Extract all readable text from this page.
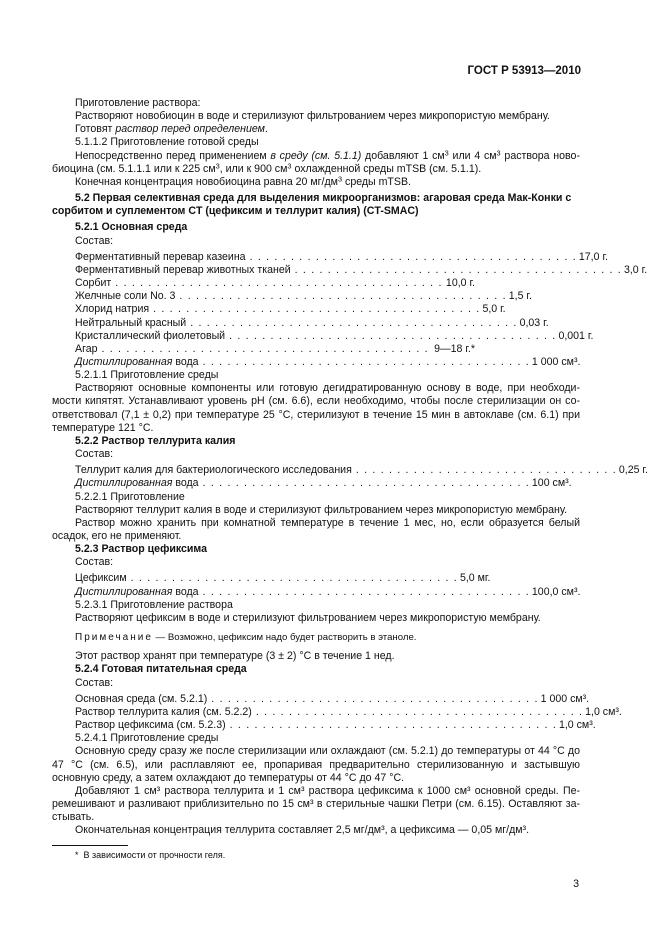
ГОСТ Р 53913—2010

Приготовление раствора:

Растворяют новобиоцин в воде и стерилизуют фильтрованием через микропористую мембрану.

Готовят раствор перед определением.

5.1.1.2 Приготовление готовой среды

Непосредственно перед применением в среду (см. 5.1.1) добавляют 1 $см^3$ или 4 $см^3$ раствора новобиоцина (см. 5.1.1.1 или к 225 $см^3$, или к 900 $см^3$ охлажденной среды mTSB (см. 5.1.1).

Конечная концентрация новобиоцина равна 20 $мг/дм^3$ среды mTSB.

5.2 Первая селективная среда для выделения микроорганизмов: агаровая среда Мак-Конки с сорбитом и суплементом CT (цефиксим и теллурит калия) (CT-SMAC)

5.2.1 Основная среда

Состав:

Ферментативный перевар казеина . . . . . . . . . . . . . . . . . . . . . . . . . . . . . . . . . . . . . . . . 17,0 г.
Ферментативный перевар животных тканей . . . . . . . . . . . . . . . . . . . . . . . . . . . . . . . . . . . . . . . . 3,0 г.
Сорбит . . . . . . . . . . . . . . . . . . . . . . . . . . . . . . . . . . . . . . . . 10,0 г.
Желчные соли No. 3 . . . . . . . . . . . . . . . . . . . . . . . . . . . . . . . . . . . . . . . . 1,5 г.
Хлорид натрия . . . . . . . . . . . . . . . . . . . . . . . . . . . . . . . . . . . . . . . . 5,0 г.
Нейтральный красный . . . . . . . . . . . . . . . . . . . . . . . . . . . . . . . . . . . . . . . . 0,03 г.
Кристаллический фиолетовый . . . . . . . . . . . . . . . . . . . . . . . . . . . . . . . . . . . . . . . . 0,001 г.
Агар . . . . . . . . . . . . . . . . . . . . . . . . . . . . . . . . . . . . . . . . 9—18 г.*
Дистиллированная вода . . . . . . . . . . . . . . . . . . . . . . . . . . . . . . . . . . . . . . . . 1 000 см³.

5.2.1.1 Приготовление среды

Растворяют основные компоненты или готовую дегидратированную основу в воде, при необходимости кипятят. Устанавливают уровень рН (см. 6.6), если необходимо, чтобы после стерилизации он соответствовал (7,1 ± 0,2) при температуре 25 °С, стерилизуют в течение 15 мин в автоклаве (см. 6.1) при температуре 121 °С.

5.2.2 Раствор теллурита калия

Состав:

Теллурит калия для бактериологического исследования . . . . . . . . . . . . . . . . . . . . . . . . . . . . . . . . 0,25 г.
Дистиллированная вода . . . . . . . . . . . . . . . . . . . . . . . . . . . . . . . . . . . . . . . . 100 см³.

5.2.2.1 Приготовление

Растворяют теллурит калия в воде и стерилизуют фильтрованием через микропористую мембрану.

Раствор можно хранить при комнатной температуре в течение 1 мес, но, если образуется белый осадок, его не применяют.

5.2.3 Раствор цефиксима

Состав:

Цефиксим . . . . . . . . . . . . . . . . . . . . . . . . . . . . . . . . . . . . . . . . 5,0 мг.
Дистиллированная вода . . . . . . . . . . . . . . . . . . . . . . . . . . . . . . . . . . . . . . . . 100,0 см³.

5.2.3.1 Приготовление раствора

Растворяют цефиксим в воде и стерилизуют фильтрованием через микропористую мембрану.

Примечание — Возможно, цефиксим надо будет растворить в этаноле.

Этот раствор хранят при температуре (3 ± 2) °С в течение 1 нед.

5.2.4 Готовая питательная среда

Состав:

Основная среда (см. 5.2.1) . . . . . . . . . . . . . . . . . . . . . . . . . . . . . . . . . . . . . . . . 1 000 см³.
Раствор теллурита калия (см. 5.2.2) . . . . . . . . . . . . . . . . . . . . . . . . . . . . . . . . . . . . . . . . 1,0 см³.
Раствор цефиксима (см. 5.2.3) . . . . . . . . . . . . . . . . . . . . . . . . . . . . . . . . . . . . . . . . 1,0 см³.

5.2.4.1 Приготовление среды

Основную среду сразу же после стерилизации или охлаждают (см. 5.2.1) до температуры от 44 °С до 47 °С (см. 6.5), или расплавляют ее, пропаривая предварительно стерилизованную и застывшую основную среду, а затем охлаждают до температуры от 44 °С до 47 °С.

Добавляют 1 см³ раствора теллурита и 1 см³ раствора цефиксима к 1000 см³ основной среды. Перемешивают и разливают приблизительно по 15 см³ в стерильные чашки Петри (см. 6.15). Оставляют застывать.

Окончательная концентрация теллурита составляет 2,5 мг/дм³, а цефиксима — 0,05 мг/дм³.

* В зависимости от прочности геля.

3
